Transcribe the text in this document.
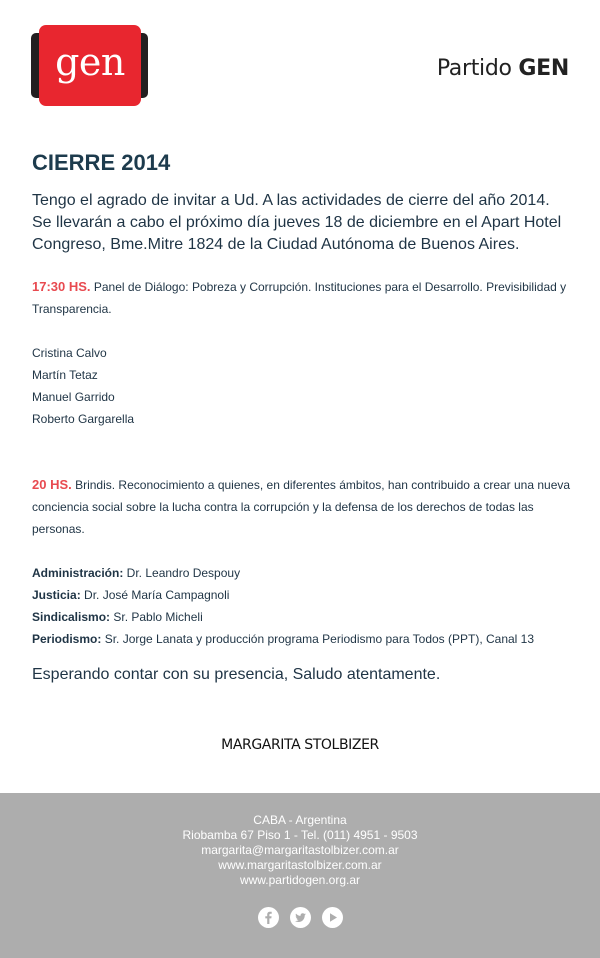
gen	Partido GEN
CIERRE 2014

Tengo el agrado de invitar a Ud. A las actividades de cierre del año 2014. Se llevarán a cabo el próximo día jueves 18 de diciembre en el Apart Hotel Congreso, Bme.Mitre 1824 de la Ciudad Autónoma de Buenos Aires.

17:30 HS. Panel de Diálogo: Pobreza y Corrupción. Instituciones para el Desarrollo. Previsibilidad y Transparencia.
Cristina Calvo
Martín Tetaz
Manuel Garrido
Roberto Gargarella
20 HS. Brindis. Reconocimiento a quienes, en diferentes ámbitos, han contribuido a crear una nueva conciencia social sobre la lucha contra la corrupción y la defensa de los derechos de todas las personas.
Administración: Dr. Leandro Despouy
Justicia: Dr. José María Campagnoli
Sindicalismo: Sr. Pablo Micheli
Periodismo: Sr. Jorge Lanata y producción programa Periodismo para Todos (PPT), Canal 13
Esperando contar con su presencia, Saludo atentamente.
MARGARITA STOLBIZER
CABA - Argentina
Riobamba 67 Piso 1 - Tel. (011) 4951 - 9503
margarita@margaritastolbizer.com.ar
www.margaritastolbizer.com.ar
www.partidogen.org.ar
